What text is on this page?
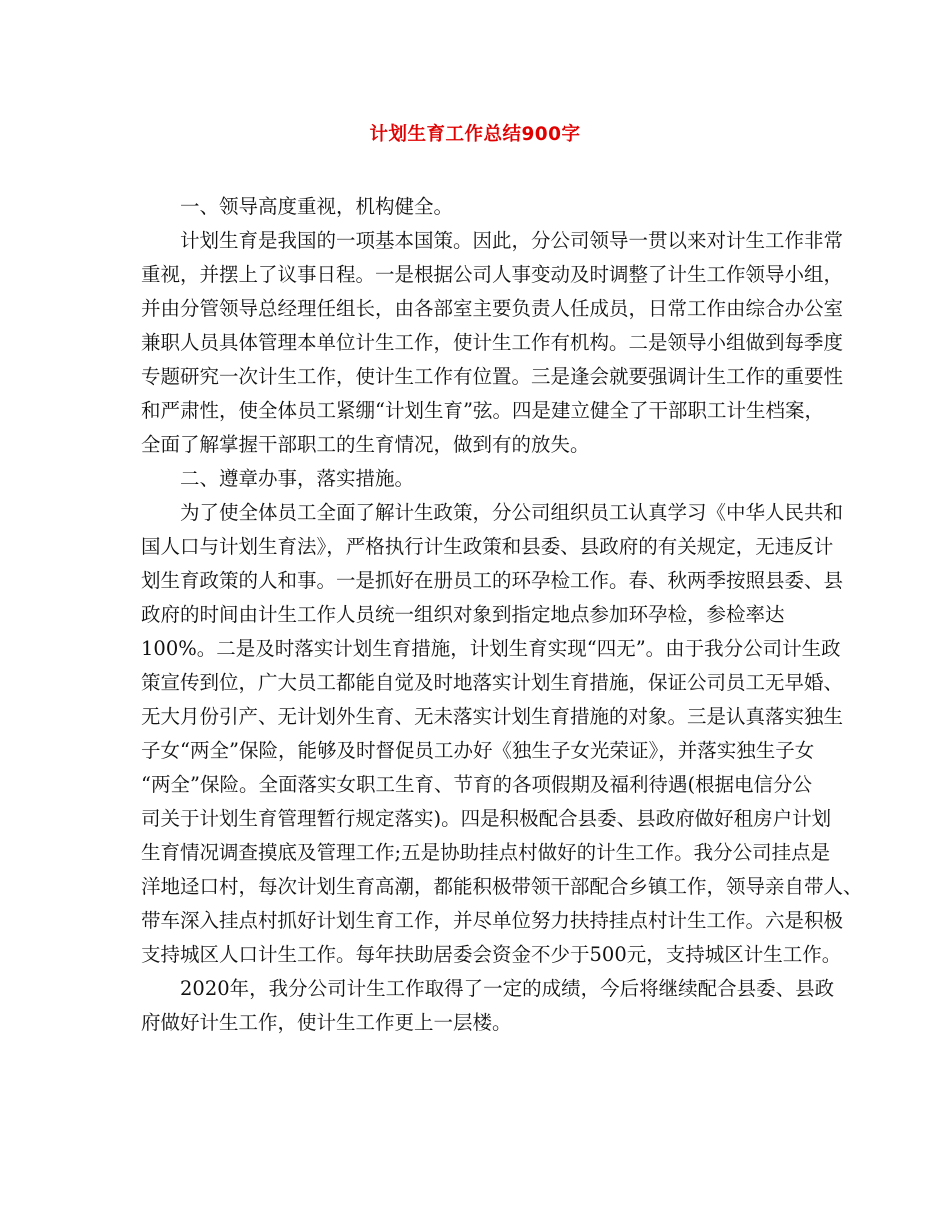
计划生育工作总结900字
一、领导高度重视，机构健全。
计划生育是我国的一项基本国策。因此，分公司领导一贯以来对计生工作非常
重视，并摆上了议事日程。一是根据公司人事变动及时调整了计生工作领导小组，
并由分管领导总经理任组长，由各部室主要负责人任成员，日常工作由综合办公室
兼职人员具体管理本单位计生工作，使计生工作有机构。二是领导小组做到每季度
专题研究一次计生工作，使计生工作有位置。三是逢会就要强调计生工作的重要性
和严肃性，使全体员工紧绷“计划生育”弦。四是建立健全了干部职工计生档案，
全面了解掌握干部职工的生育情况，做到有的放失。
二、遵章办事，落实措施。
为了使全体员工全面了解计生政策，分公司组织员工认真学习《中华人民共和
国人口与计划生育法》，严格执行计生政策和县委、县政府的有关规定，无违反计
划生育政策的人和事。一是抓好在册员工的环孕检工作。春、秋两季按照县委、县
政府的时间由计生工作人员统一组织对象到指定地点参加环孕检，参检率达
100%。二是及时落实计划生育措施，计划生育实现“四无”。由于我分公司计生政
策宣传到位，广大员工都能自觉及时地落实计划生育措施，保证公司员工无早婚、
无大月份引产、无计划外生育、无未落实计划生育措施的对象。三是认真落实独生
子女“两全”保险，能够及时督促员工办好《独生子女光荣证》，并落实独生子女
“两全”保险。全面落实女职工生育、节育的各项假期及福利待遇(根据电信分公
司关于计划生育管理暂行规定落实)。四是积极配合县委、县政府做好租房户计划
生育情况调查摸底及管理工作;五是协助挂点村做好的计生工作。我分公司挂点是
洋地迳口村，每次计划生育高潮，都能积极带领干部配合乡镇工作，领导亲自带人、
带车深入挂点村抓好计划生育工作，并尽单位努力扶持挂点村计生工作。六是积极
支持城区人口计生工作。每年扶助居委会资金不少于500元，支持城区计生工作。
2020年，我分公司计生工作取得了一定的成绩，今后将继续配合县委、县政
府做好计生工作，使计生工作更上一层楼。
